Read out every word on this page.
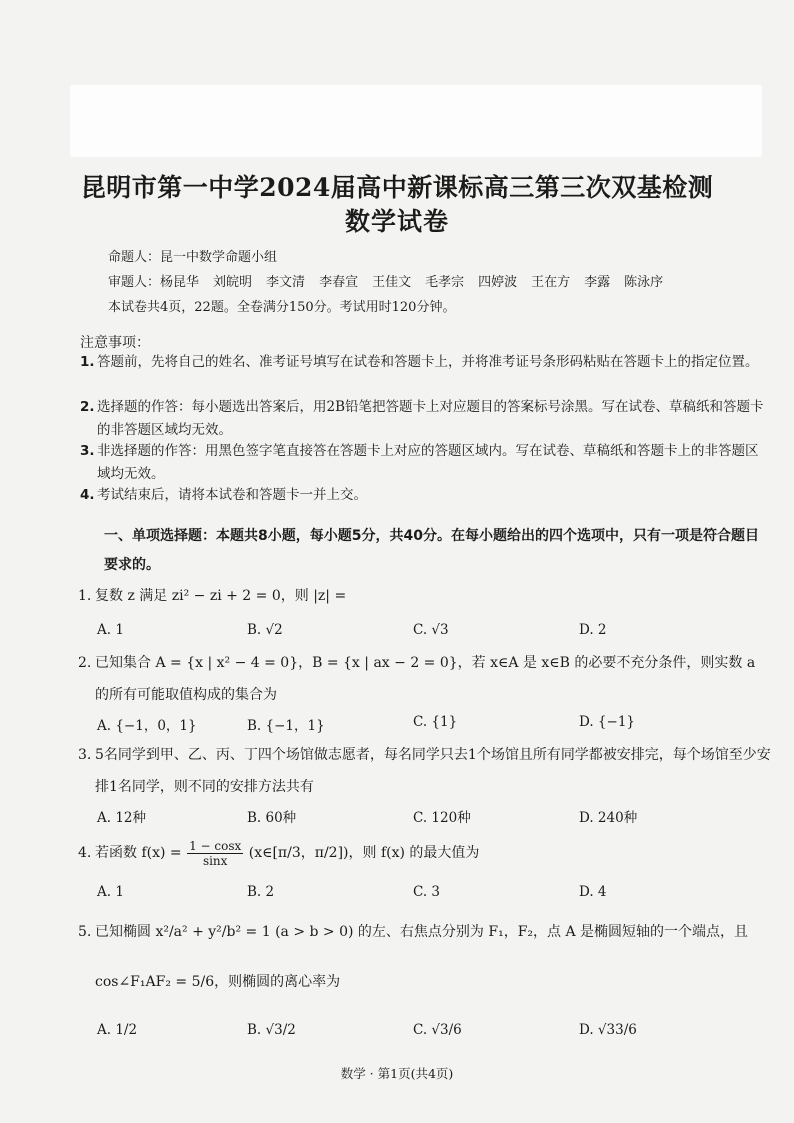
昆明市第一中学2024届高中新课标高三第三次双基检测
数学试卷
命题人：昆一中数学命题小组
审题人：杨昆华 刘皖明 李文清 李春宣 王佳文 毛孝宗 四婷波 王在方 李露 陈泳序
本试卷共4页，22题。全卷满分150分。考试用时120分钟。
注意事项：
1. 答题前，先将自己的姓名、准考证号填写在试卷和答题卡上，并将准考证号条形码粘贴在答题卡上的指定位置。
2. 选择题的作答：每小题选出答案后，用2B铅笔把答题卡上对应题目的答案标号涂黑。写在试卷、草稿纸和答题卡的非答题区域均无效。
3. 非选择题的作答：用黑色签字笔直接答在答题卡上对应的答题区域内。写在试卷、草稿纸和答题卡上的非答题区域均无效。
4. 考试结束后，请将本试卷和答题卡一并上交。
一、单项选择题：本题共8小题，每小题5分，共40分。在每小题给出的四个选项中，只有一项是符合题目要求的。
1. 复数 z 满足 zi² − zi + 2 = 0，则 |z| =
A. 1	B. √2	C. √3	D. 2
2. 已知集合 A = {x | x² − 4 = 0}，B = {x | ax − 2 = 0}，若 x∈A 是 x∈B 的必要不充分条件，则实数 a 的所有可能取值构成的集合为
A. {−1，0，1}	B. {−1，1}	C. {1}	D. {−1}
3. 5名同学到甲、乙、丙、丁四个场馆做志愿者，每名同学只去1个场馆且所有同学都被安排完，每个场馆至少安排1名同学，则不同的安排方法共有
A. 12种	B. 60种	C. 120种	D. 240种
4. 若函数 $f(x) = \frac{1 - \cos x}{\sin x}$ (x∈[π/3，π/2])，则 f(x) 的最大值为
A. 1	B. 2	C. 3	D. 4
5. 已知椭圆 x²/a² + y²/b² = 1 (a > b > 0) 的左、右焦点分别为 F₁，F₂，点 A 是椭圆短轴的一个端点，且
cos∠F₁AF₂ = 5/6，则椭圆的离心率为
A. 1/2	B. √3/2	C. √3/6	D. √33/6
数学 · 第1页(共4页)
